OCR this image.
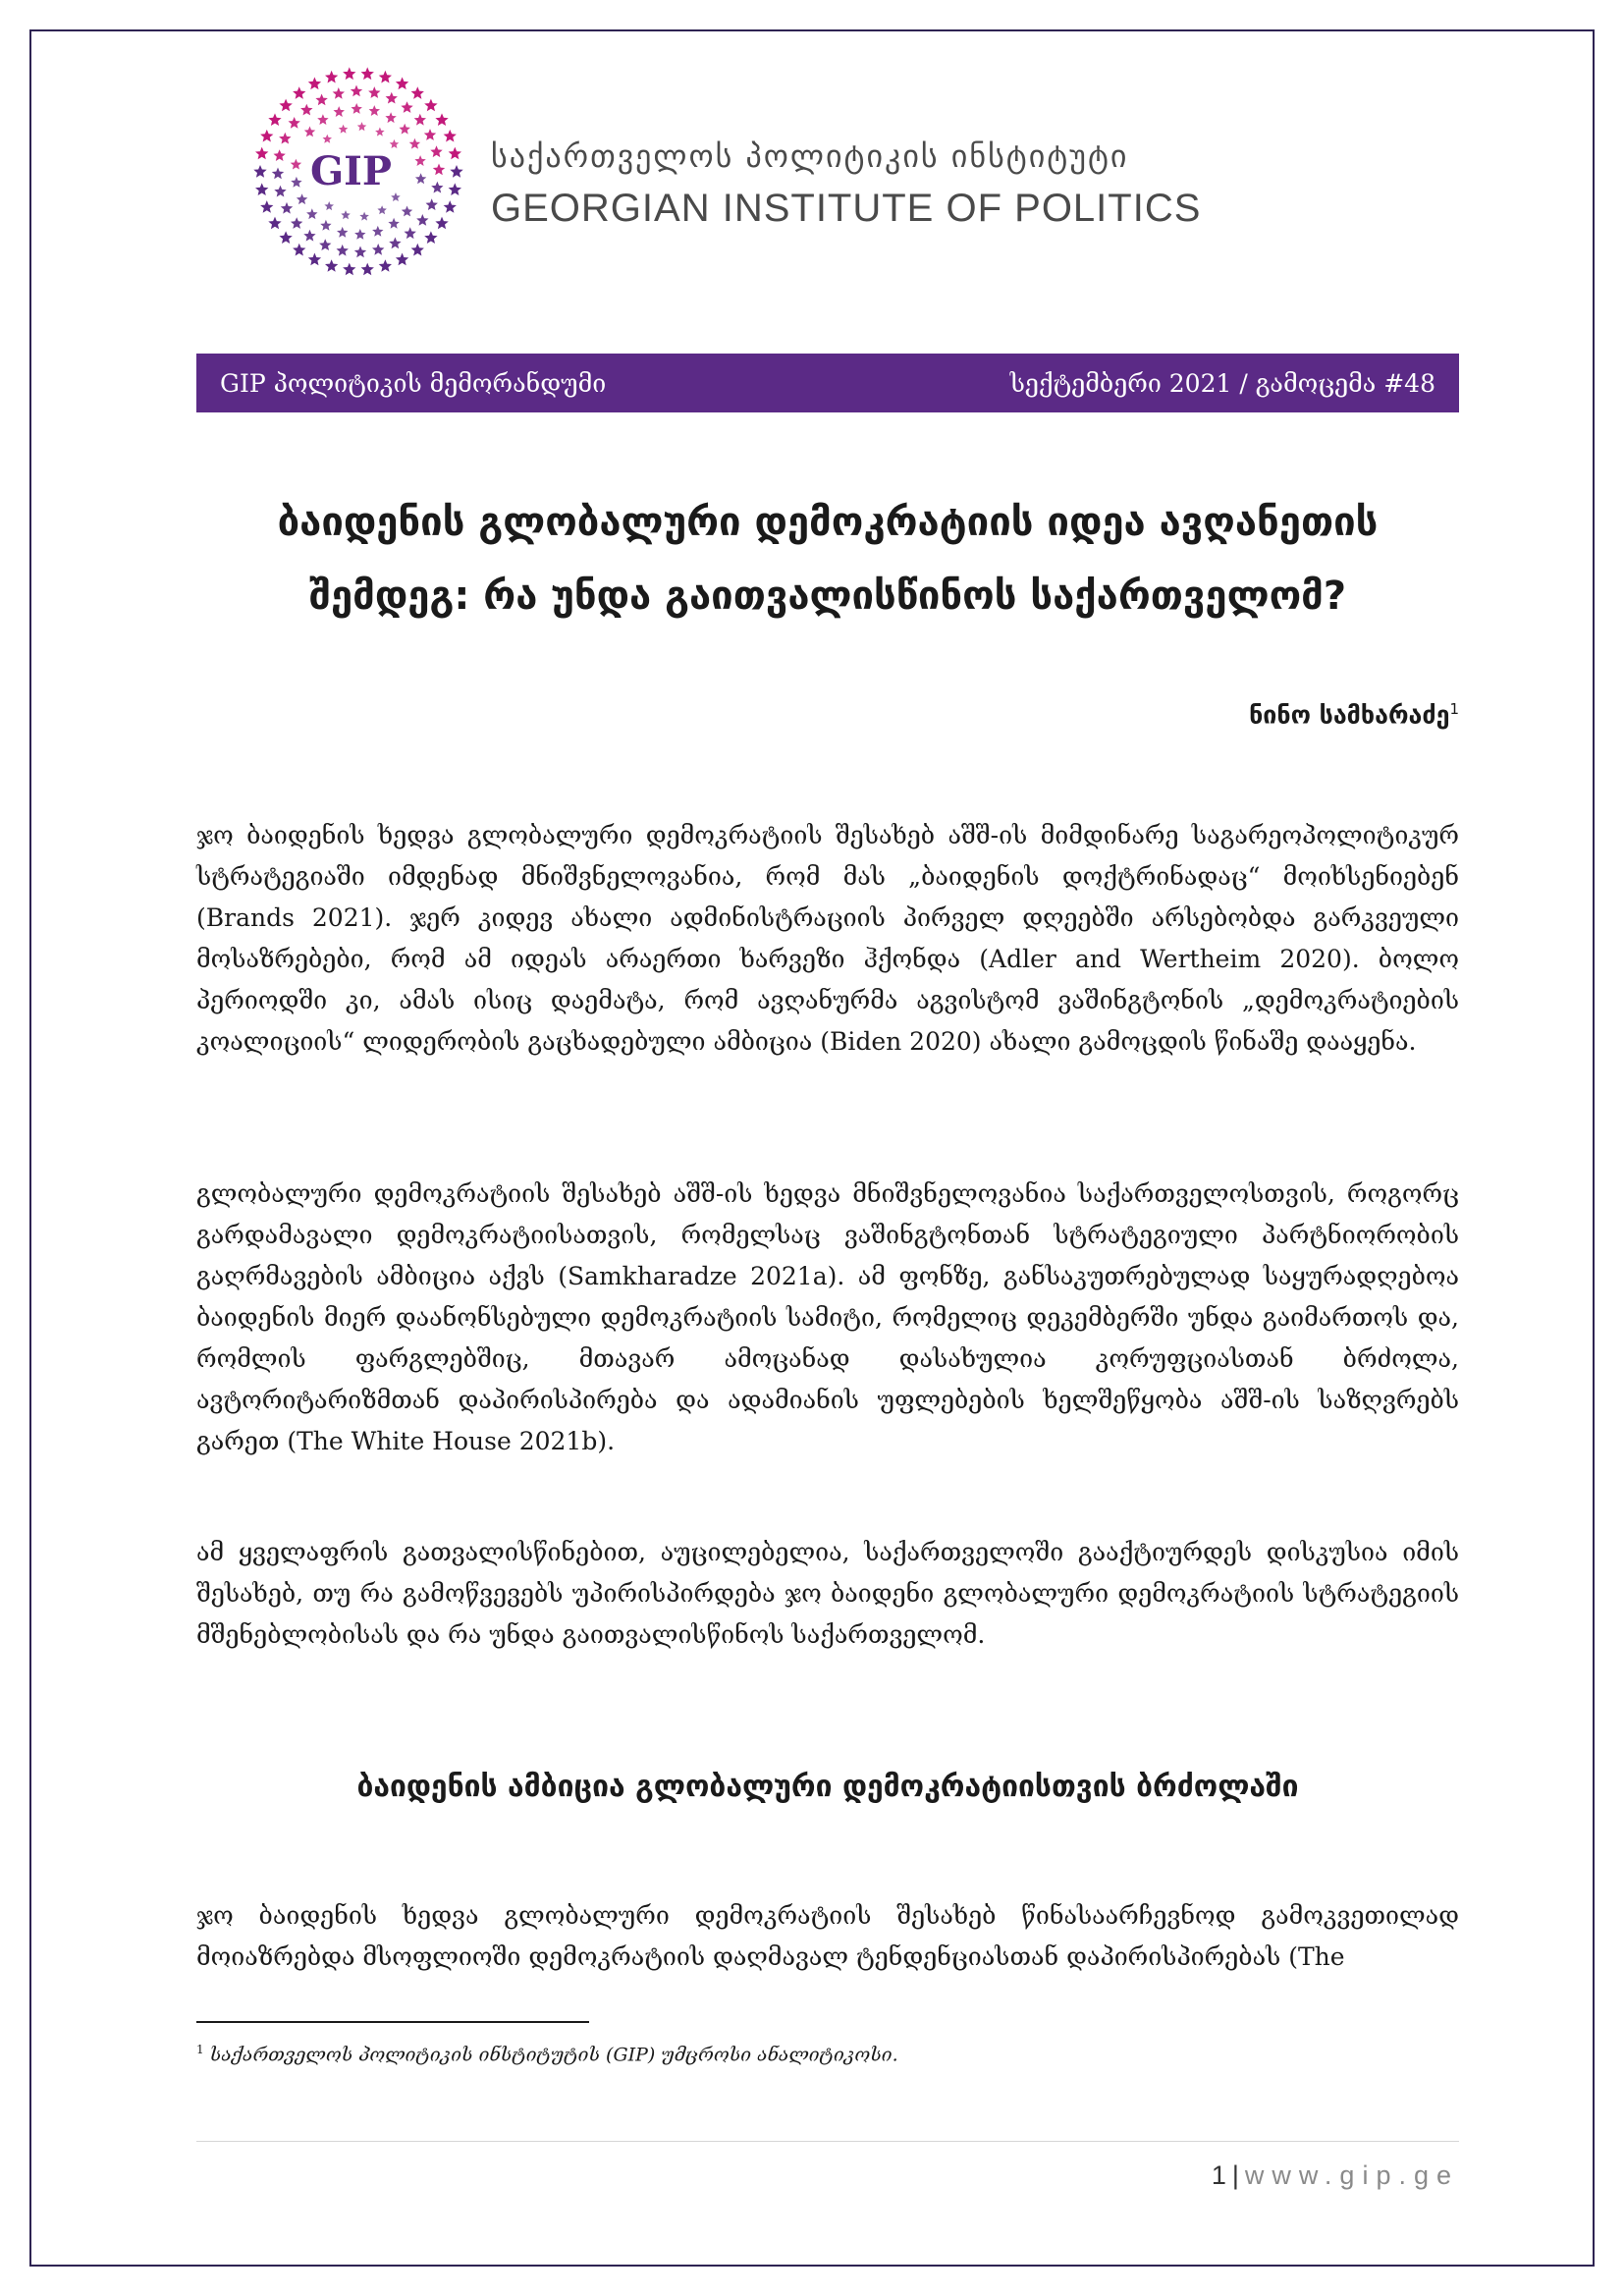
GIP	საქართველოს პოლიტიკის ინსტიტუტი
GEORGIAN INSTITUTE OF POLITICS
GIP პოლიტიკის მემორანდუმი	სექტემბერი 2021 / გამოცემა #48
ბაიდენის გლობალური დემოკრატიის იდეა ავღანეთის შემდეგ: რა უნდა გაითვალისწინოს საქართველომ?
ნინო სამხარაძე$^1$

ჯო ბაიდენის ხედვა გლობალური დემოკრატიის შესახებ აშშ-ის მიმდინარე საგარეოპოლიტიკურ სტრატეგიაში იმდენად მნიშვნელოვანია, რომ მას „ბაიდენის დოქტრინადაც“ მოიხსენიებენ (Brands 2021). ჯერ კიდევ ახალი ადმინისტრაციის პირველ დღეებში არსებობდა გარკვეული მოსაზრებები, რომ ამ იდეას არაერთი ხარვეზი ჰქონდა (Adler and Wertheim 2020). ბოლო პერიოდში კი, ამას ისიც დაემატა, რომ ავღანურმა აგვისტომ ვაშინგტონის „დემოკრატიების კოალიციის“ ლიდერობის გაცხადებული ამბიცია (Biden 2020) ახალი გამოცდის წინაშე დააყენა.

გლობალური დემოკრატიის შესახებ აშშ-ის ხედვა მნიშვნელოვანია საქართველოსთვის, როგორც გარდამავალი დემოკრატიისათვის, რომელსაც ვაშინგტონთან სტრატეგიული პარტნიორობის გაღრმავების ამბიცია აქვს (Samkharadze 2021a). ამ ფონზე, განსაკუთრებულად საყურადღებოა ბაიდენის მიერ დაანონსებული დემოკრატიის სამიტი, რომელიც დეკემბერში უნდა გაიმართოს და, რომლის ფარგლებშიც, მთავარ ამოცანად დასახულია კორუფციასთან ბრძოლა, ავტორიტარიზმთან დაპირისპირება და ადამიანის უფლებების ხელშეწყობა აშშ-ის საზღვრებს გარეთ (The White House 2021b).

ამ ყველაფრის გათვალისწინებით, აუცილებელია, საქართველოში გააქტიურდეს დისკუსია იმის შესახებ, თუ რა გამოწვევებს უპირისპირდება ჯო ბაიდენი გლობალური დემოკრატიის სტრატეგიის მშენებლობისას და რა უნდა გაითვალისწინოს საქართველომ.

ბაიდენის ამბიცია გლობალური დემოკრატიისთვის ბრძოლაში

ჯო ბაიდენის ხედვა გლობალური დემოკრატიის შესახებ წინასაარჩევნოდ გამოკვეთილად მოიაზრებდა მსოფლიოში დემოკრატიის დაღმავალ ტენდენციასთან დაპირისპირებას (The

$^1$ საქართველოს პოლიტიკის ინსტიტუტის (GIP) უმცროსი ანალიტიკოსი.
1 | www.gip.ge
